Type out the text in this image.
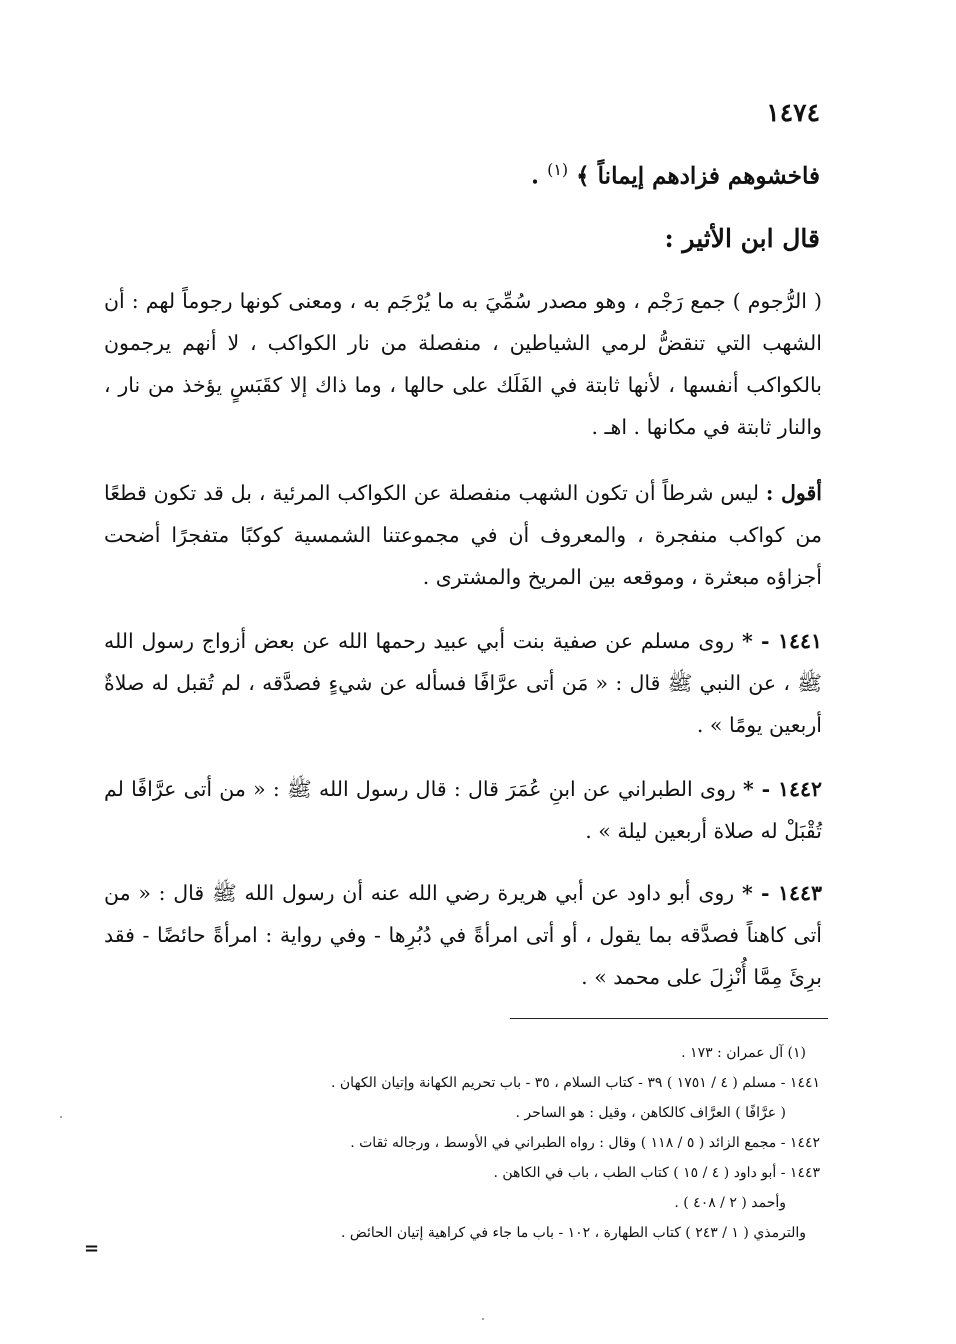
١٤٧٤
فاخشوهم فزادهم إيماناً ﴾ $^{(١)}$ .
قال ابن الأثير :
( الرُّجوم ) جمع رَجْم ، وهو مصدر سُمِّيَ به ما يُرْجَم به ، ومعنى كونها رجوماً لهم : أن الشهب التي تنقضُّ لرمي الشياطين ، منفصلة من نار الكواكب ، لا أنهم يرجمون بالكواكب أنفسها ، لأنها ثابتة في الفَلَك على حالها ، وما ذاك إلا كقَبَسٍ يؤخذ من نار ، والنار ثابتة في مكانها . اهـ .
أقول : ليس شرطاً أن تكون الشهب منفصلة عن الكواكب المرئية ، بل قد تكون قطعًا من كواكب منفجرة ، والمعروف أن في مجموعتنا الشمسية كوكبًا متفجرًا أضحت أجزاؤه مبعثرة ، وموقعه بين المريخ والمشترى .
١٤٤١ - * روى مسلم عن صفية بنت أبي عبيد رحمها الله عن بعض أزواج رسول الله ﷺ ، عن النبي ﷺ قال : « مَن أتى عرَّافًا فسأله عن شيءٍ فصدَّقه ، لم تُقبل له صلاةٌ أربعين يومًا » .
١٤٤٢ - * روى الطبراني عن ابنِ عُمَرَ قال : قال رسول الله ﷺ : « من أتى عرَّافًا لم تُقْبَلْ له صلاة أربعين ليلة » .
١٤٤٣ - * روى أبو داود عن أبي هريرة رضي الله عنه أن رسول الله ﷺ قال : « من أتى كاهناً فصدَّقه بما يقول ، أو أتى امرأةً في دُبُرِها - وفي رواية : امرأةً حائضًا - فقد برِئَ مِمَّا أُنْزِلَ على محمد » .
(١) آل عمران : ١٧٣ .
١٤٤١ - مسلم ( ٤ / ١٧٥١ ) ٣٩ - كتاب السلام ، ٣٥ - باب تحريم الكهانة وإتيان الكهان .
( عرَّافًا ) العرَّاف كالكاهن ، وقيل : هو الساحر .
١٤٤٢ - مجمع الزائد ( ٥ / ١١٨ ) وقال : رواه الطبراني في الأوسط ، ورجاله ثقات .
١٤٤٣ - أبو داود ( ٤ / ١٥ ) كتاب الطب ، باب في الكاهن .
وأحمد ( ٢ / ٤٠٨ ) .
والترمذي ( ١ / ٢٤٣ ) كتاب الطهارة ، ١٠٢ - باب ما جاء في كراهية إتيان الحائض .
=
